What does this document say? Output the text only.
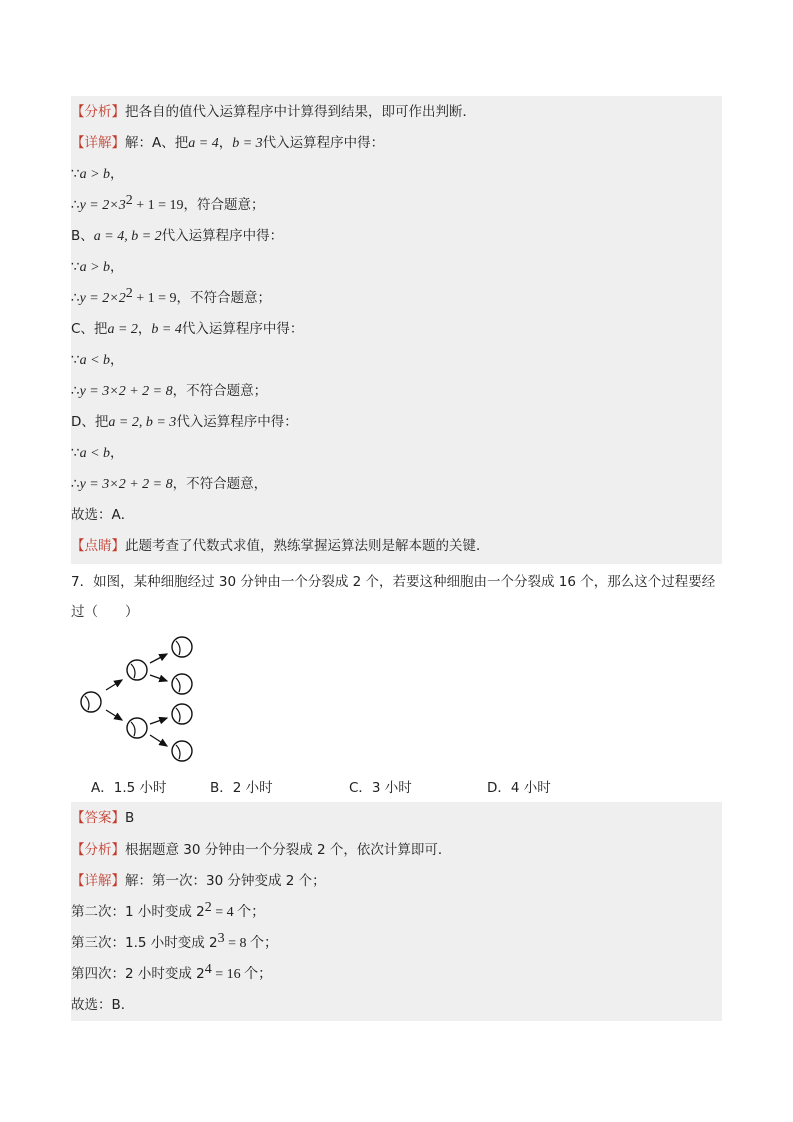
【分析】把各自的值代入运算程序中计算得到结果，即可作出判断．
【详解】解：A、把a = 4，b = 3代入运算程序中得：
∵a > b，
∴y = $2\times 3^2 + 1 = 19$，符合题意；
B、a = 4, b = 2代入运算程序中得：
∵a > b，
∴y = $2\times 2^2 + 1 = 9$，不符合题意；
C、把a = 2，b = 4代入运算程序中得：
∵a < b，
∴y = 3×2 + 2 = 8，不符合题意；
D、把a = 2, b = 3代入运算程序中得：
∵a < b，
∴y = 3×2 + 2 = 8，不符合题意，
故选：A．
【点睛】此题考查了代数式求值，熟练掌握运算法则是解本题的关键．
7．如图，某种细胞经过 30 分钟由一个分裂成 2 个，若要这种细胞由一个分裂成 16 个，那么这个过程要经
过（　　）
A．1.5 小时	B．2 小时	C．3 小时	D．4 小时
【答案】B
【分析】根据题意 30 分钟由一个分裂成 2 个，依次计算即可．
【详解】解：第一次：30 分钟变成 2 个；
第二次：1 小时变成 $2^2 = 4$ 个；
第三次：1.5 小时变成 $2^3 = 8$ 个；
第四次：2 小时变成 $2^4 = 16$ 个；
故选：B．
